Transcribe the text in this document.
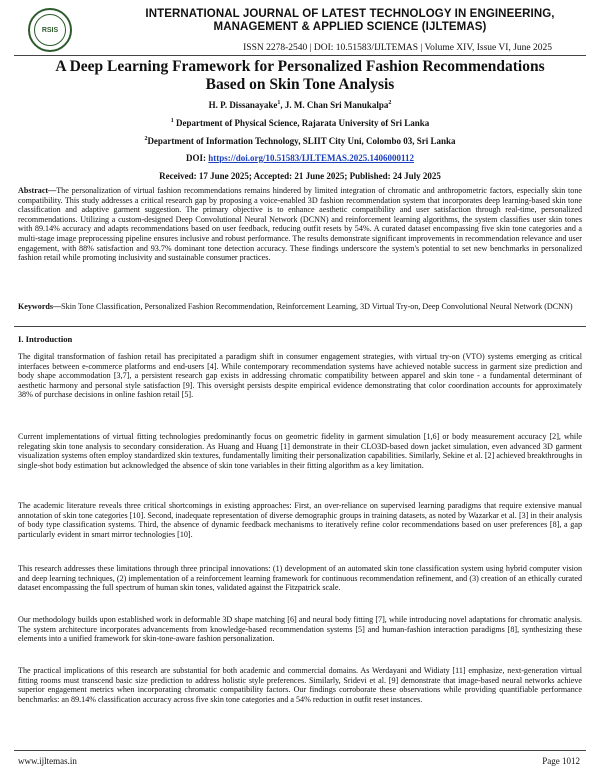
RSIS
INTERNATIONAL JOURNAL OF LATEST TECHNOLOGY IN ENGINEERING, MANAGEMENT & APPLIED SCIENCE (IJLTEMAS)
ISSN 2278-2540 | DOI: 10.51583/IJLTEMAS | Volume XIV, Issue VI, June 2025
A Deep Learning Framework for Personalized Fashion Recommendations Based on Skin Tone Analysis
H. P. Dissanayake$^1$, J. M. Chan Sri Manukalpa$^2$
$^1$ Department of Physical Science, Rajarata University of Sri Lanka
$^2$Department of Information Technology, SLIIT City Uni, Colombo 03, Sri Lanka
DOI: https://doi.org/10.51583/IJLTEMAS.2025.1406000112
Received: 17 June 2025; Accepted: 21 June 2025; Published: 24 July 2025
Abstract—The personalization of virtual fashion recommendations remains hindered by limited integration of chromatic and anthropometric factors, especially skin tone compatibility. This study addresses a critical research gap by proposing a voice-enabled 3D fashion recommendation system that incorporates deep learning-based skin tone classification and adaptive garment suggestion. The primary objective is to enhance aesthetic compatibility and user satisfaction through real-time, personalized recommendations. Utilizing a custom-designed Deep Convolutional Neural Network (DCNN) and reinforcement learning algorithms, the system classifies user skin tones with 89.14% accuracy and adapts recommendations based on user feedback, reducing outfit resets by 54%. A curated dataset encompassing five skin tone categories and a multi-stage image preprocessing pipeline ensures inclusive and robust performance. The results demonstrate significant improvements in recommendation relevance and user engagement, with 88% satisfaction and 93.7% dominant tone detection accuracy. These findings underscore the system's potential to set new benchmarks in personalized fashion retail while promoting inclusivity and sustainable consumer practices.
Keywords—Skin Tone Classification, Personalized Fashion Recommendation, Reinforcement Learning, 3D Virtual Try-on, Deep Convolutional Neural Network (DCNN)
I. Introduction
The digital transformation of fashion retail has precipitated a paradigm shift in consumer engagement strategies, with virtual try-on (VTO) systems emerging as critical interfaces between e-commerce platforms and end-users [4]. While contemporary recommendation systems have achieved notable success in garment size prediction and body shape accommodation [3,7], a persistent research gap exists in addressing chromatic compatibility between apparel and skin tone - a fundamental determinant of aesthetic harmony and personal style satisfaction [9]. This oversight persists despite empirical evidence demonstrating that color coordination accounts for approximately 38% of purchase decisions in online fashion retail [5].
Current implementations of virtual fitting technologies predominantly focus on geometric fidelity in garment simulation [1,6] or body measurement accuracy [2], while relegating skin tone analysis to secondary consideration. As Huang and Huang [1] demonstrate in their CLO3D-based down jacket simulation, even advanced 3D garment visualization systems often employ standardized skin textures, fundamentally limiting their personalization capabilities. Similarly, Sekine et al. [2] achieved breakthroughs in single-shot body estimation but acknowledged the absence of skin tone variables in their fitting algorithm as a key limitation.
The academic literature reveals three critical shortcomings in existing approaches: First, an over-reliance on supervised learning paradigms that require extensive manual annotation of skin tone categories [10]. Second, inadequate representation of diverse demographic groups in training datasets, as noted by Wazarkar et al. [3] in their analysis of body type classification systems. Third, the absence of dynamic feedback mechanisms to iteratively refine color recommendations based on user preferences [8], a gap particularly evident in smart mirror technologies [10].
This research addresses these limitations through three principal innovations: (1) development of an automated skin tone classification system using hybrid computer vision and deep learning techniques, (2) implementation of a reinforcement learning framework for continuous recommendation refinement, and (3) creation of an ethically curated dataset encompassing the full spectrum of human skin tones, validated against the Fitzpatrick scale.
Our methodology builds upon established work in deformable 3D shape matching [6] and neural body fitting [7], while introducing novel adaptations for chromatic analysis. The system architecture incorporates advancements from knowledge-based recommendation systems [5] and human-fashion interaction paradigms [8], synthesizing these elements into a unified framework for skin-tone-aware fashion personalization.
The practical implications of this research are substantial for both academic and commercial domains. As Werdayani and Widiaty [11] emphasize, next-generation virtual fitting rooms must transcend basic size prediction to address holistic style preferences. Similarly, Sridevi et al. [9] demonstrate that image-based neural networks achieve superior engagement metrics when incorporating chromatic compatibility factors. Our findings corroborate these observations while providing quantifiable performance benchmarks: an 89.14% classification accuracy across five skin tone categories and a 54% reduction in outfit reset instances.
www.ijltemas.in	Page 1012
